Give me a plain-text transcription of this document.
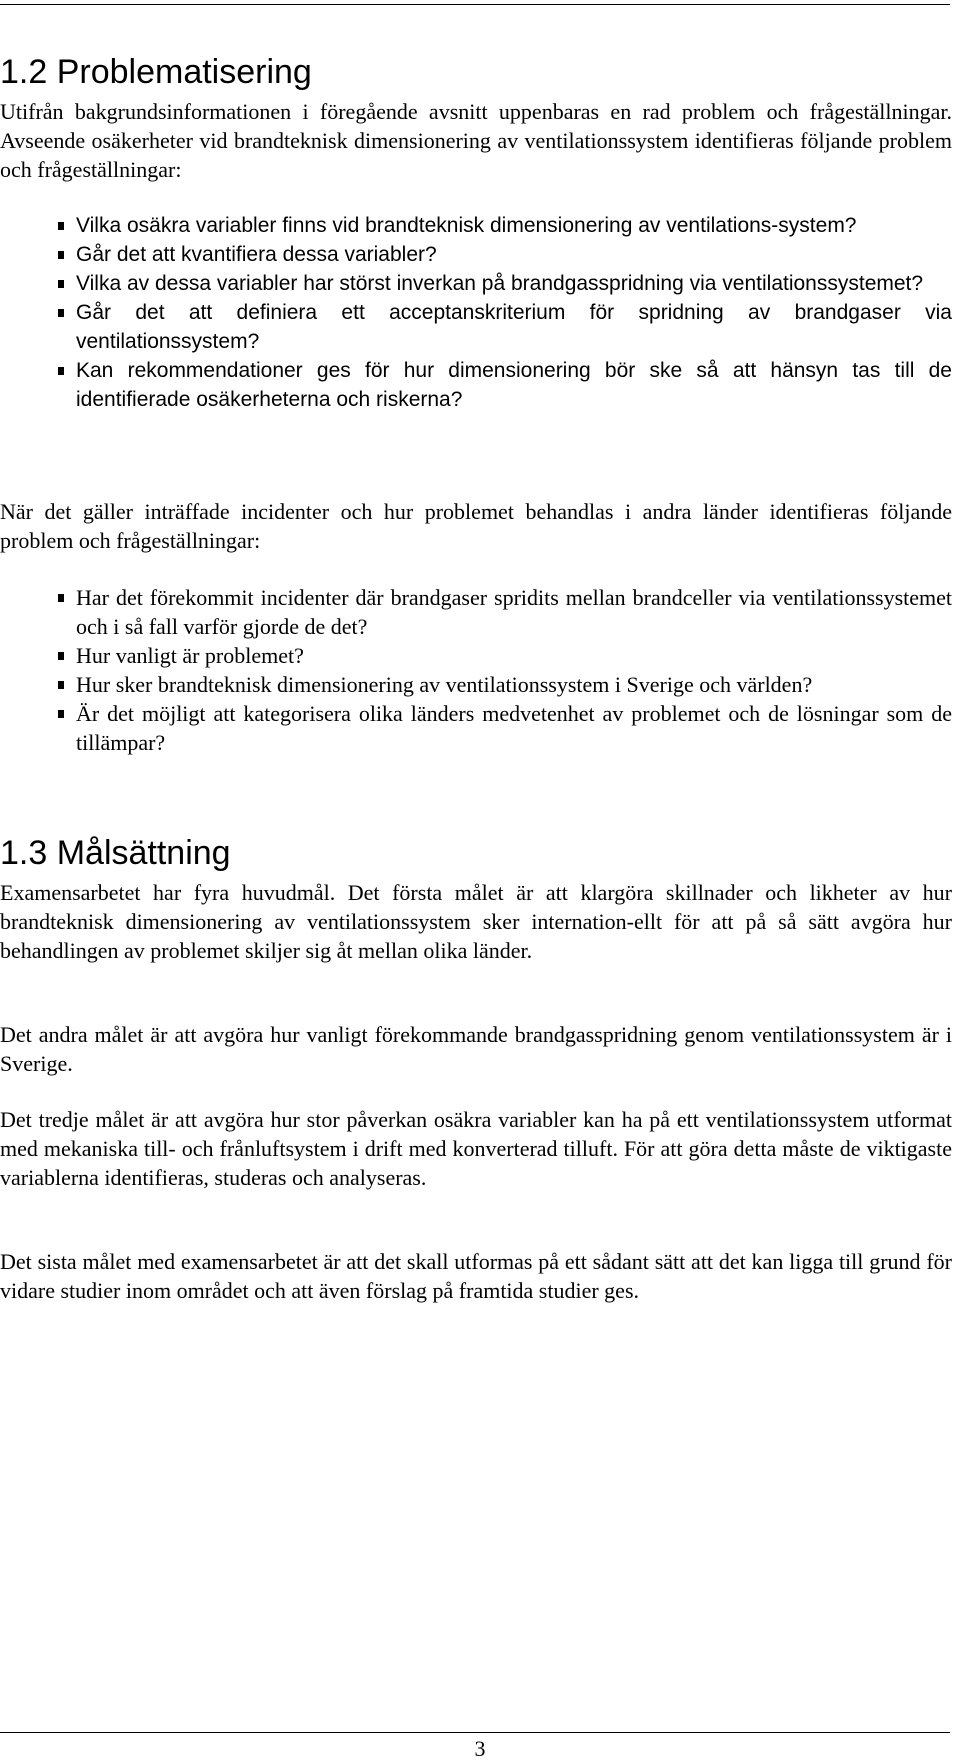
1.2 Problematisering

Utifrån bakgrundsinformationen i föregående avsnitt uppenbaras en rad problem och frågeställningar. Avseende osäkerheter vid brandteknisk dimensionering av ventilationssystem identifieras följande problem och frågeställningar:

Vilka osäkra variabler finns vid brandteknisk dimensionering av ventilations-system?
Går det att kvantifiera dessa variabler?
Vilka av dessa variabler har störst inverkan på brandgasspridning via ventilationssystemet?
Går det att definiera ett acceptanskriterium för spridning av brandgaser via ventilationssystem?
Kan rekommendationer ges för hur dimensionering bör ske så att hänsyn tas till de identifierade osäkerheterna och riskerna?

När det gäller inträffade incidenter och hur problemet behandlas i andra länder identifieras följande problem och frågeställningar:

Har det förekommit incidenter där brandgaser spridits mellan brandceller via ventilationssystemet och i så fall varför gjorde de det?
Hur vanligt är problemet?
Hur sker brandteknisk dimensionering av ventilationssystem i Sverige och världen?
Är det möjligt att kategorisera olika länders medvetenhet av problemet och de lösningar som de tillämpar?
1.3 Målsättning

Examensarbetet har fyra huvudmål. Det första målet är att klargöra skillnader och likheter av hur brandteknisk dimensionering av ventilationssystem sker internation-ellt för att på så sätt avgöra hur behandlingen av problemet skiljer sig åt mellan olika länder.

Det andra målet är att avgöra hur vanligt förekommande brandgasspridning genom ventilationssystem är i Sverige.

Det tredje målet är att avgöra hur stor påverkan osäkra variabler kan ha på ett ventilationssystem utformat med mekaniska till- och frånluftsystem i drift med konverterad tilluft. För att göra detta måste de viktigaste variablerna identifieras, studeras och analyseras.

Det sista målet med examensarbetet är att det skall utformas på ett sådant sätt att det kan ligga till grund för vidare studier inom området och att även förslag på framtida studier ges.

3
